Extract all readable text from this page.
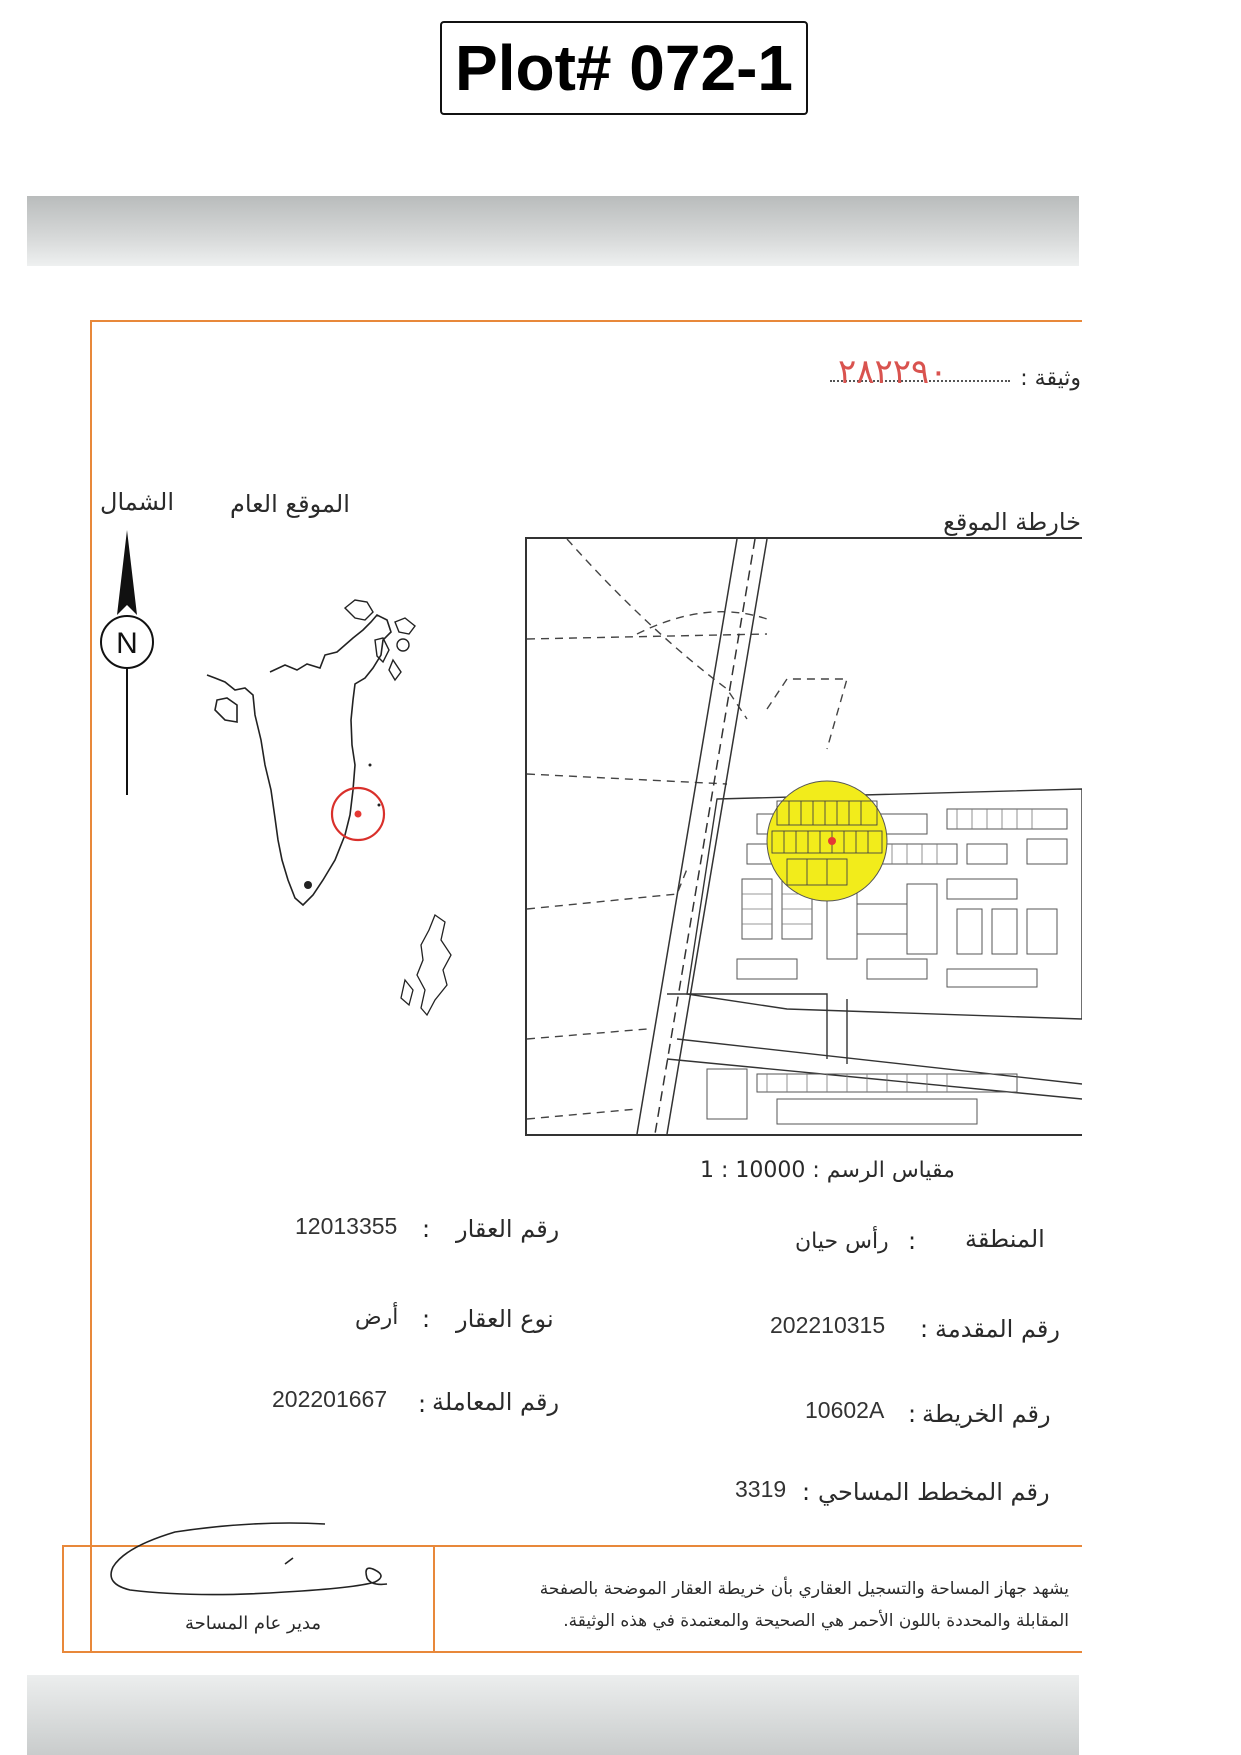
Plot# 072-1
وثيقة :
٢٨٢٢٩٠
الشمال الموقع العام
N
خارطة الموقع
مقياس الرسم : 10000 : 1
رقم العقار
:
12013355	المنطقة
:
رأس حيان
نوع العقار
:
أرض	رقم المقدمة
:
202210315
رقم المعاملة
:
202201667
رقم الخريطة
:
10602A
رقم المخطط المساحي
:
3319
مدير عام المساحة
يشهد جهاز المساحة والتسجيل العقاري بأن خريطة العقار الموضحة بالصفحة
المقابلة والمحددة باللون الأحمر هي الصحيحة والمعتمدة في هذه الوثيقة.
